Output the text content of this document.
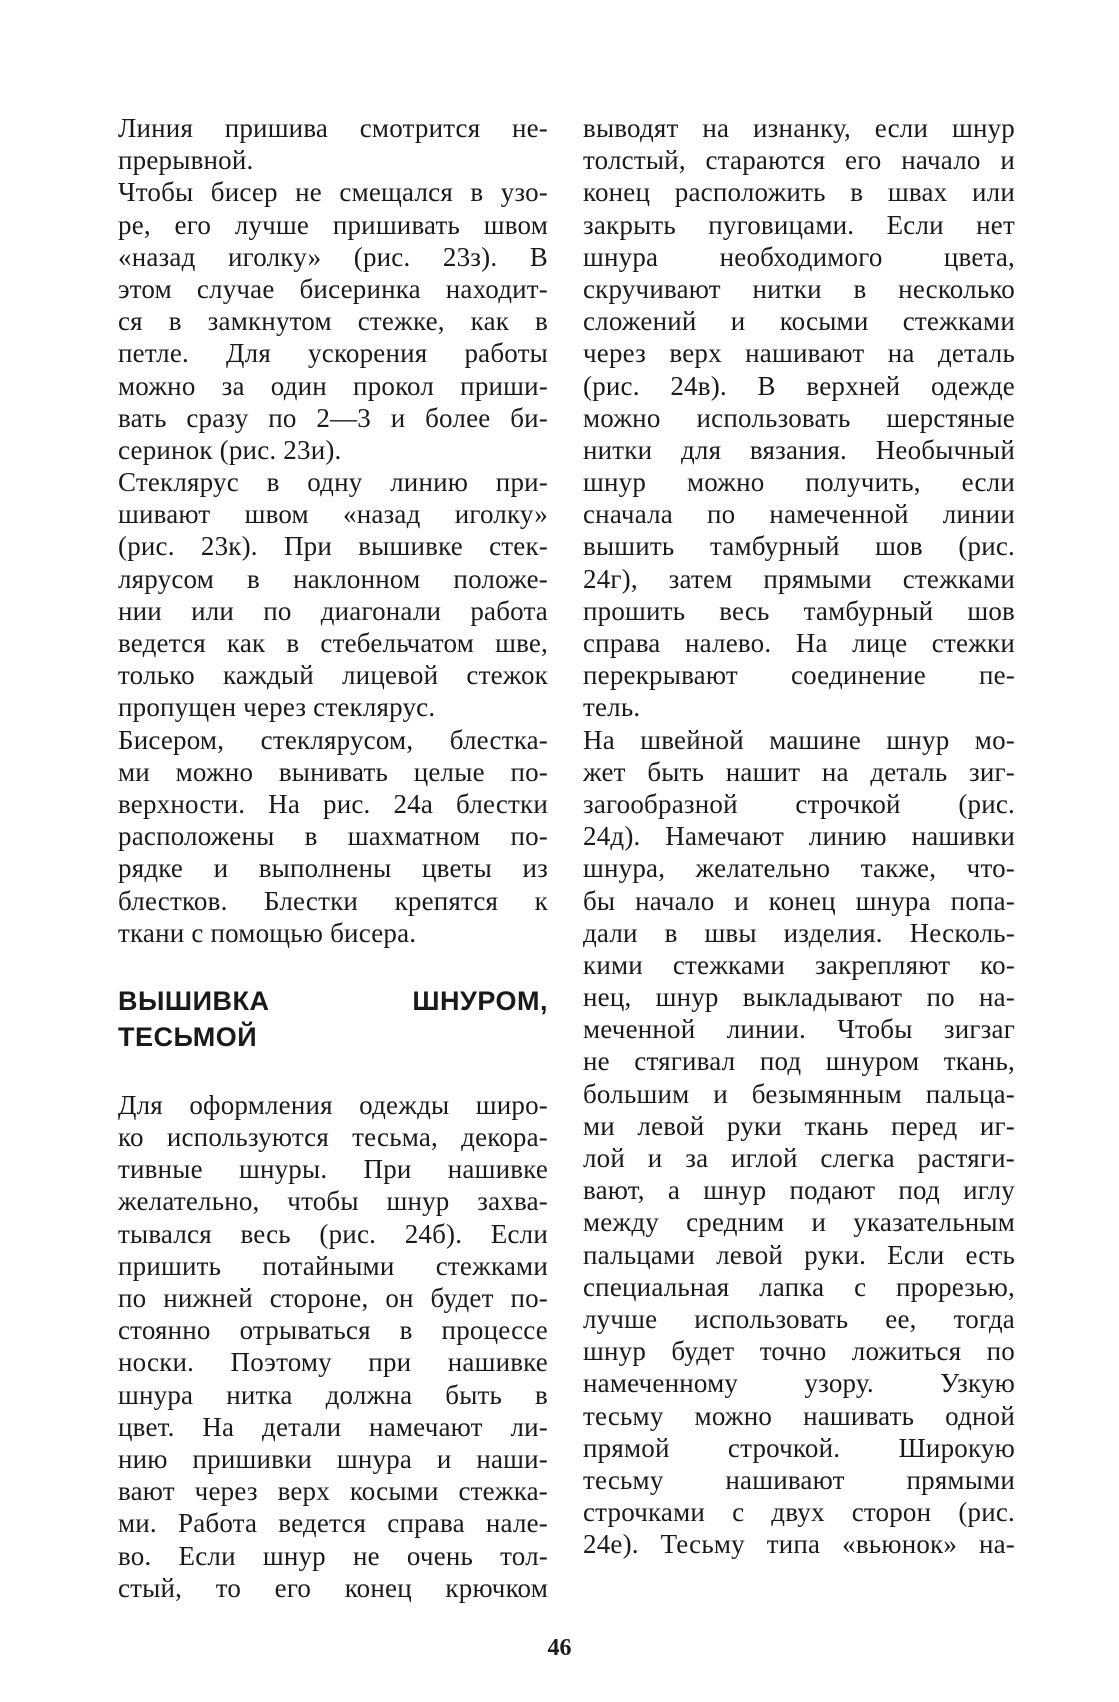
Линия пришива смотрится не-
прерывной.
Чтобы бисер не смещался в узо-
ре, его лучше пришивать швом
«назад иголку» (рис. 23з). В
этом случае бисеринка находит-
ся в замкнутом стежке, как в
петле. Для ускорения работы
можно за один прокол приши-
вать сразу по 2—3 и более би-
серинок (рис. 23и).
Стеклярус в одну линию при-
шивают швом «назад иголку»
(рис. 23к). При вышивке стек-
лярусом в наклонном положе-
нии или по диагонали работа
ведется как в стебельчатом шве,
только каждый лицевой стежок
пропущен через стеклярус.
Бисером, стеклярусом, блестка-
ми можно вынивать целые по-
верхности. На рис. 24а блестки
расположены в шахматном по-
рядке и выполнены цветы из
блестков. Блестки крепятся к
ткани с помощью бисера.
ВЫШИВКА ШНУРОМ,
ТЕСЬМОЙ
Для оформления одежды широ-
ко используются тесьма, декора-
тивные шнуры. При нашивке
желательно, чтобы шнур захва-
тывался весь (рис. 24б). Если
пришить потайными стежками
по нижней стороне, он будет по-
стоянно отрываться в процессе
носки. Поэтому при нашивке
шнура нитка должна быть в
цвет. На детали намечают ли-
нию пришивки шнура и наши-
вают через верх косыми стежка-
ми. Работа ведется справа нале-
во. Если шнур не очень тол-
стый, то его конец крючком
выводят на изнанку, если шнур
толстый, стараются его начало и
конец расположить в швах или
закрыть пуговицами. Если нет
шнура необходимого цвета,
скручивают нитки в несколько
сложений и косыми стежками
через верх нашивают на деталь
(рис. 24в). В верхней одежде
можно использовать шерстяные
нитки для вязания. Необычный
шнур можно получить, если
сначала по намеченной линии
вышить тамбурный шов (рис.
24г), затем прямыми стежками
прошить весь тамбурный шов
справа налево. На лице стежки
перекрывают соединение пе-
тель.
На швейной машине шнур мо-
жет быть нашит на деталь зиг-
загообразной строчкой (рис.
24д). Намечают линию нашивки
шнура, желательно также, что-
бы начало и конец шнура попа-
дали в швы изделия. Несколь-
кими стежками закрепляют ко-
нец, шнур выкладывают по на-
меченной линии. Чтобы зигзаг
не стягивал под шнуром ткань,
большим и безымянным пальца-
ми левой руки ткань перед иг-
лой и за иглой слегка растяги-
вают, а шнур подают под иглу
между средним и указательным
пальцами левой руки. Если есть
специальная лапка с прорезью,
лучше использовать ее, тогда
шнур будет точно ложиться по
намеченному узору. Узкую
тесьму можно нашивать одной
прямой строчкой. Широкую
тесьму нашивают прямыми
строчками с двух сторон (рис.
24е). Тесьму типа «вьюнок» на-
46
